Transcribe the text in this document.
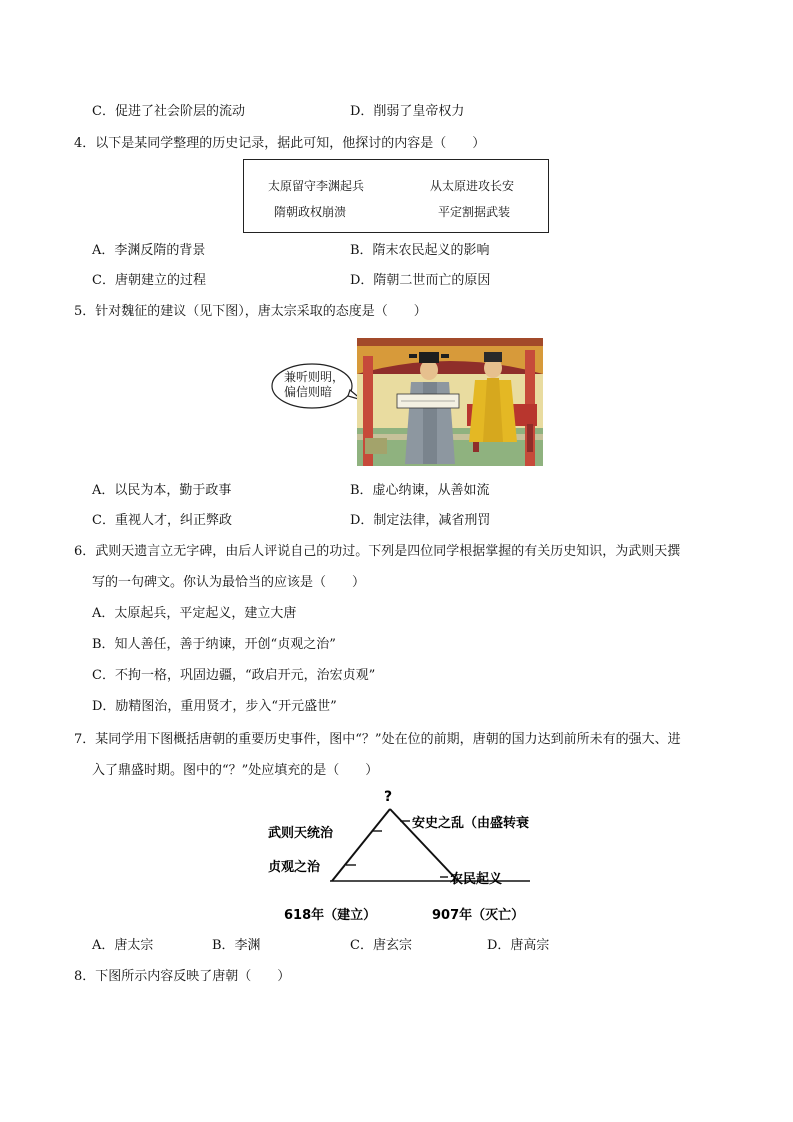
C．促进了社会阶层的流动	D．削弱了皇帝权力
4．以下是某同学整理的历史记录，据此可知，他探讨的内容是（　　）
太原留守李渊起兵	从太原进攻长安
隋朝政权崩溃	平定割据武装
A．李渊反隋的背景	B．隋末农民起义的影响
C．唐朝建立的过程	D．隋朝二世而亡的原因
5．针对魏征的建议（见下图），唐太宗采取的态度是（　　）
兼听则明，
偏信则暗
A．以民为本，勤于政事	B．虚心纳谏，从善如流
C．重视人才，纠正弊政	D．制定法律，减省刑罚
6．武则天遗言立无字碑，由后人评说自己的功过。下列是四位同学根据掌握的有关历史知识，为武则天撰
写的一句碑文。你认为最恰当的应该是（　　）
A．太原起兵，平定起义，建立大唐
B．知人善任，善于纳谏，开创“贞观之治”
C．不拘一格，巩固边疆，“政启开元，治宏贞观”
D．励精图治，重用贤才，步入“开元盛世”
7．某同学用下图概括唐朝的重要历史事件，图中“？”处在位的前期，唐朝的国力达到前所未有的强大、进
入了鼎盛时期。图中的“？”处应填充的是（　　）
?
武则天统治
贞观之治
安史之乱（由盛转衰
农民起义
618年（建立）	907年（灭亡）
A．唐太宗	B．李渊	C．唐玄宗	D．唐高宗
8．下图所示内容反映了唐朝（　　）
